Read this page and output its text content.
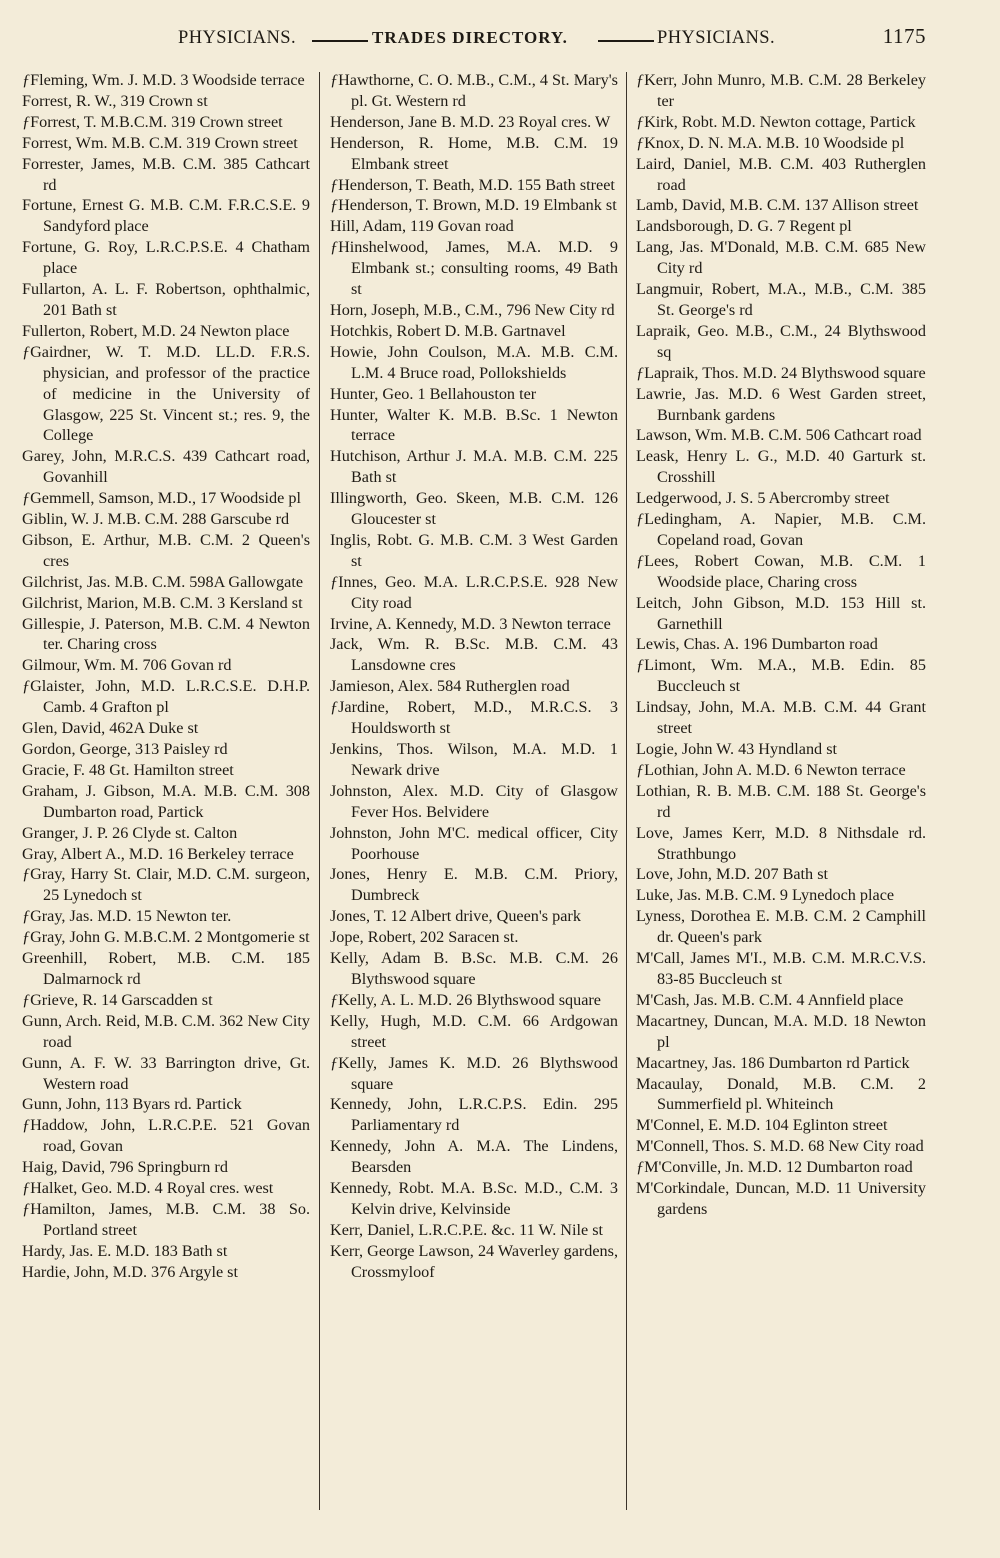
PHYSICIANS.	TRADES DIRECTORY.	PHYSICIANS.	1175
ƒFleming, Wm. J. M.D. 3 Woodside terrace
Forrest, R. W., 319 Crown st
ƒForrest, T. M.B.C.M. 319 Crown street
Forrest, Wm. M.B. C.M. 319 Crown street
Forrester, James, M.B. C.M. 385 Cathcart rd
Fortune, Ernest G. M.B. C.M. F.R.C.S.E. 9 Sandyford place
Fortune, G. Roy, L.R.C.P.S.E. 4 Chatham place
Fullarton, A. L. F. Robertson, ophthalmic, 201 Bath st
Fullerton, Robert, M.D. 24 Newton place
ƒGairdner, W. T. M.D. LL.D. F.R.S. physician, and professor of the practice of medicine in the University of Glasgow, 225 St. Vincent st.; res. 9, the College
Garey, John, M.R.C.S. 439 Cathcart road, Govanhill
ƒGemmell, Samson, M.D., 17 Woodside pl
Giblin, W. J. M.B. C.M. 288 Garscube rd
Gibson, E. Arthur, M.B. C.M. 2 Queen's cres
Gilchrist, Jas. M.B. C.M. 598A Gallowgate
Gilchrist, Marion, M.B. C.M. 3 Kersland st
Gillespie, J. Paterson, M.B. C.M. 4 Newton ter. Charing cross
Gilmour, Wm. M. 706 Govan rd
ƒGlaister, John, M.D. L.R.C.S.E. D.H.P. Camb. 4 Grafton pl
Glen, David, 462A Duke st
Gordon, George, 313 Paisley rd
Gracie, F. 48 Gt. Hamilton street
Graham, J. Gibson, M.A. M.B. C.M. 308 Dumbarton road, Partick
Granger, J. P. 26 Clyde st. Calton
Gray, Albert A., M.D. 16 Berkeley terrace
ƒGray, Harry St. Clair, M.D. C.M. surgeon, 25 Lynedoch st
ƒGray, Jas. M.D. 15 Newton ter.
ƒGray, John G. M.B.C.M. 2 Montgomerie st
Greenhill, Robert, M.B. C.M. 185 Dalmarnock rd
ƒGrieve, R. 14 Garscadden st
Gunn, Arch. Reid, M.B. C.M. 362 New City road
Gunn, A. F. W. 33 Barrington drive, Gt. Western road
Gunn, John, 113 Byars rd. Partick
ƒHaddow, John, L.R.C.P.E. 521 Govan road, Govan
Haig, David, 796 Springburn rd
ƒHalket, Geo. M.D. 4 Royal cres. west
ƒHamilton, James, M.B. C.M. 38 So. Portland street
Hardy, Jas. E. M.D. 183 Bath st
Hardie, John, M.D. 376 Argyle st
ƒHawthorne, C. O. M.B., C.M., 4 St. Mary's pl. Gt. Western rd
Henderson, Jane B. M.D. 23 Royal cres. W
Henderson, R. Home, M.B. C.M. 19 Elmbank street
ƒHenderson, T. Beath, M.D. 155 Bath street
ƒHenderson, T. Brown, M.D. 19 Elmbank st
Hill, Adam, 119 Govan road
ƒHinshelwood, James, M.A. M.D. 9 Elmbank st.; consulting rooms, 49 Bath st
Horn, Joseph, M.B., C.M., 796 New City rd
Hotchkis, Robert D. M.B. Gartnavel
Howie, John Coulson, M.A. M.B. C.M. L.M. 4 Bruce road, Pollokshields
Hunter, Geo. 1 Bellahouston ter
Hunter, Walter K. M.B. B.Sc. 1 Newton terrace
Hutchison, Arthur J. M.A. M.B. C.M. 225 Bath st
Illingworth, Geo. Skeen, M.B. C.M. 126 Gloucester st
Inglis, Robt. G. M.B. C.M. 3 West Garden st
ƒInnes, Geo. M.A. L.R.C.P.S.E. 928 New City road
Irvine, A. Kennedy, M.D. 3 Newton terrace
Jack, Wm. R. B.Sc. M.B. C.M. 43 Lansdowne cres
Jamieson, Alex. 584 Rutherglen road
ƒJardine, Robert, M.D., M.R.C.S. 3 Houldsworth st
Jenkins, Thos. Wilson, M.A. M.D. 1 Newark drive
Johnston, Alex. M.D. City of Glasgow Fever Hos. Belvidere
Johnston, John M'C. medical officer, City Poorhouse
Jones, Henry E. M.B. C.M. Priory, Dumbreck
Jones, T. 12 Albert drive, Queen's park
Jope, Robert, 202 Saracen st.
Kelly, Adam B. B.Sc. M.B. C.M. 26 Blythswood square
ƒKelly, A. L. M.D. 26 Blythswood square
Kelly, Hugh, M.D. C.M. 66 Ardgowan street
ƒKelly, James K. M.D. 26 Blythswood square
Kennedy, John, L.R.C.P.S. Edin. 295 Parliamentary rd
Kennedy, John A. M.A. The Lindens, Bearsden
Kennedy, Robt. M.A. B.Sc. M.D., C.M. 3 Kelvin drive, Kelvinside
Kerr, Daniel, L.R.C.P.E. &c. 11 W. Nile st
Kerr, George Lawson, 24 Waverley gardens, Crossmyloof
ƒKerr, John Munro, M.B. C.M. 28 Berkeley ter
ƒKirk, Robt. M.D. Newton cottage, Partick
ƒKnox, D. N. M.A. M.B. 10 Woodside pl
Laird, Daniel, M.B. C.M. 403 Rutherglen road
Lamb, David, M.B. C.M. 137 Allison street
Landsborough, D. G. 7 Regent pl
Lang, Jas. M'Donald, M.B. C.M. 685 New City rd
Langmuir, Robert, M.A., M.B., C.M. 385 St. George's rd
Lapraik, Geo. M.B., C.M., 24 Blythswood sq
ƒLapraik, Thos. M.D. 24 Blythswood square
Lawrie, Jas. M.D. 6 West Garden street, Burnbank gardens
Lawson, Wm. M.B. C.M. 506 Cathcart road
Leask, Henry L. G., M.D. 40 Garturk st. Crosshill
Ledgerwood, J. S. 5 Abercromby street
ƒLedingham, A. Napier, M.B. C.M. Copeland road, Govan
ƒLees, Robert Cowan, M.B. C.M. 1 Woodside place, Charing cross
Leitch, John Gibson, M.D. 153 Hill st. Garnethill
Lewis, Chas. A. 196 Dumbarton road
ƒLimont, Wm. M.A., M.B. Edin. 85 Buccleuch st
Lindsay, John, M.A. M.B. C.M. 44 Grant street
Logie, John W. 43 Hyndland st
ƒLothian, John A. M.D. 6 Newton terrace
Lothian, R. B. M.B. C.M. 188 St. George's rd
Love, James Kerr, M.D. 8 Nithsdale rd. Strathbungo
Love, John, M.D. 207 Bath st
Luke, Jas. M.B. C.M. 9 Lynedoch place
Lyness, Dorothea E. M.B. C.M. 2 Camphill dr. Queen's park
M'Call, James M'I., M.B. C.M. M.R.C.V.S. 83-85 Buccleuch st
M'Cash, Jas. M.B. C.M. 4 Annfield place
Macartney, Duncan, M.A. M.D. 18 Newton pl
Macartney, Jas. 186 Dumbarton rd Partick
Macaulay, Donald, M.B. C.M. 2 Summerfield pl. Whiteinch
M'Connel, E. M.D. 104 Eglinton street
M'Connell, Thos. S. M.D. 68 New City road
ƒM'Conville, Jn. M.D. 12 Dumbarton road
M'Corkindale, Duncan, M.D. 11 University gardens
